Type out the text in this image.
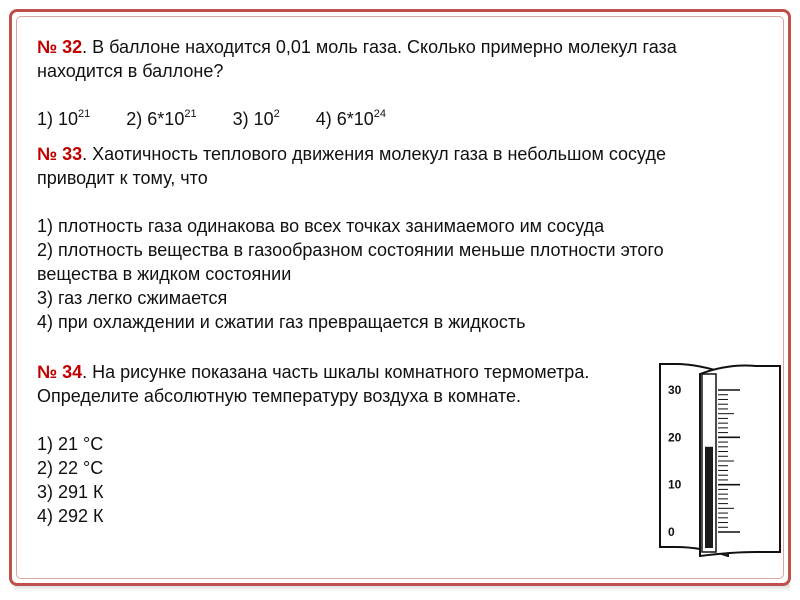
№ 32. В баллоне находится 0,01 моль газа. Сколько примерно молекул газа
находится в баллоне?
1) $10^{21}$ 2) $6*10^{21}$ 3) $10^2$ 4) $6*10^{24}$
№ 33. Хаотичность теплового движения молекул газа в небольшом сосуде
приводит к тому, что
1) плотность газа одинакова во всех точках занимаемого им сосуда
2) плотность вещества в газообразном состоянии меньше плотности этого
вещества в жидком состоянии
3) газ легко сжимается
4) при охлаждении и сжатии газ превращается в жидкость
№ 34. На рисунке показана часть шкалы комнатного термометра.
Определите абсолютную температуру воздуха в комнате.
1) 21 °С
2) 22 °С
3) 291 К
4) 292 К
30
20
10
0
